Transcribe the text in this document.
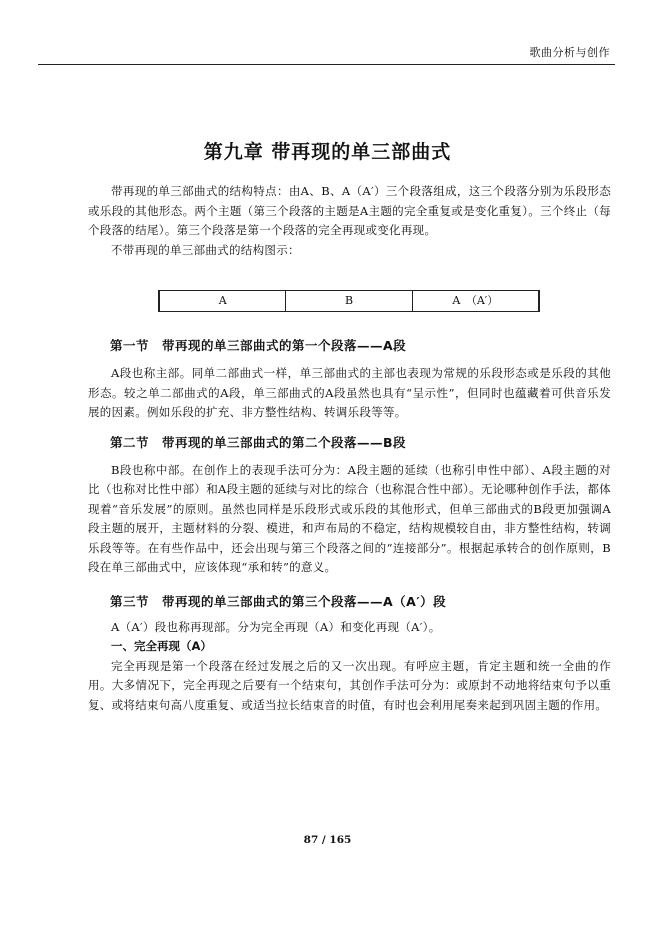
歌曲分析与创作
第九章 带再现的单三部曲式

带再现的单三部曲式的结构特点：由A、B、A（A′）三个段落组成，这三个段落分别为乐段形态或乐段的其他形态。两个主题（第三个段落的主题是A主题的完全重复或是变化重复）。三个终止（每个段落的结尾）。第三个段落是第一个段落的完全再现或变化再现。

不带再现的单三部曲式的结构图示：

A	B	A　（A′）
第一节　带再现的单三部曲式的第一个段落——A段

A段也称主部。同单二部曲式一样，单三部曲式的主部也表现为常规的乐段形态或是乐段的其他形态。较之单二部曲式的A段，单三部曲式的A段虽然也具有“呈示性”，但同时也蕴藏着可供音乐发展的因素。例如乐段的扩充、非方整性结构、转调乐段等等。

第二节　带再现的单三部曲式的第二个段落——B段

B段也称中部。在创作上的表现手法可分为：A段主题的延续（也称引申性中部）、A段主题的对比（也称对比性中部）和A段主题的延续与对比的综合（也称混合性中部）。无论哪种创作手法，都体现着“音乐发展”的原则。虽然也同样是乐段形式或乐段的其他形式，但单三部曲式的B段更加强调A段主题的展开，主题材料的分裂、模进，和声布局的不稳定，结构规模较自由，非方整性结构，转调乐段等等。在有些作品中，还会出现与第三个段落之间的“连接部分”。根据起承转合的创作原则，B段在单三部曲式中，应该体现“承和转”的意义。

第三节　带再现的单三部曲式的第三个段落——A（A′）段

A（A′）段也称再现部。分为完全再现（A）和变化再现（A′）。

一、完全再现（A）

完全再现是第一个段落在经过发展之后的又一次出现。有呼应主题，肯定主题和统一全曲的作用。大多情况下，完全再现之后要有一个结束句，其创作手法可分为：或原封不动地将结束句予以重复、或将结束句高八度重复、或适当拉长结束音的时值，有时也会利用尾奏来起到巩固主题的作用。

87 / 165
